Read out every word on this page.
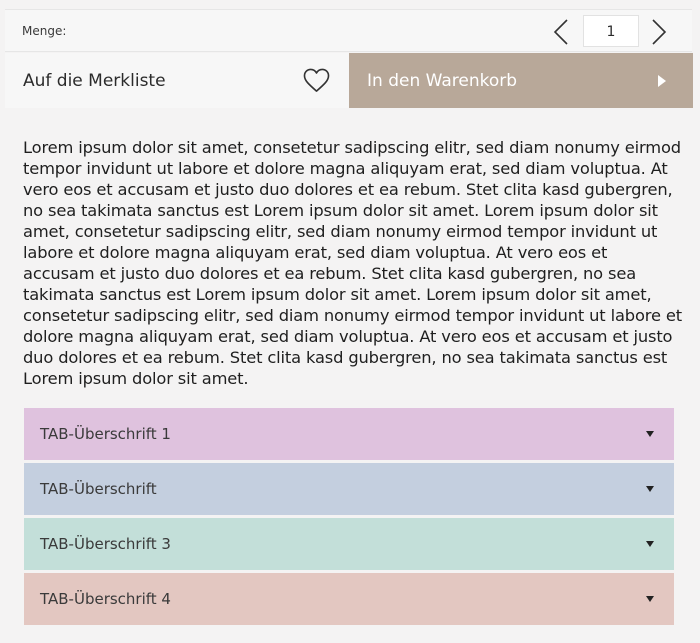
Menge:	1
Auf die Merkliste	In den Warenkorb

Lorem ipsum dolor sit amet, consetetur sadipscing elitr, sed diam nonumy eirmod tempor invidunt ut labore et dolore magna aliquyam erat, sed diam voluptua. At vero eos et accusam et justo duo dolores et ea rebum. Stet clita kasd gubergren, no sea takimata sanctus est Lorem ipsum dolor sit amet. Lorem ipsum dolor sit amet, consetetur sadipscing elitr, sed diam nonumy eirmod tempor invidunt ut labore et dolore magna aliquyam erat, sed diam voluptua. At vero eos et accusam et justo duo dolores et ea rebum. Stet clita kasd gubergren, no sea takimata sanctus est Lorem ipsum dolor sit amet. Lorem ipsum dolor sit amet, consetetur sadipscing elitr, sed diam nonumy eirmod tempor invidunt ut labore et dolore magna aliquyam erat, sed diam voluptua. At vero eos et accusam et justo duo dolores et ea rebum. Stet clita kasd gubergren, no sea takimata sanctus est Lorem ipsum dolor sit amet.

TAB-Überschrift 1
TAB-Überschrift
TAB-Überschrift 3
TAB-Überschrift 4
